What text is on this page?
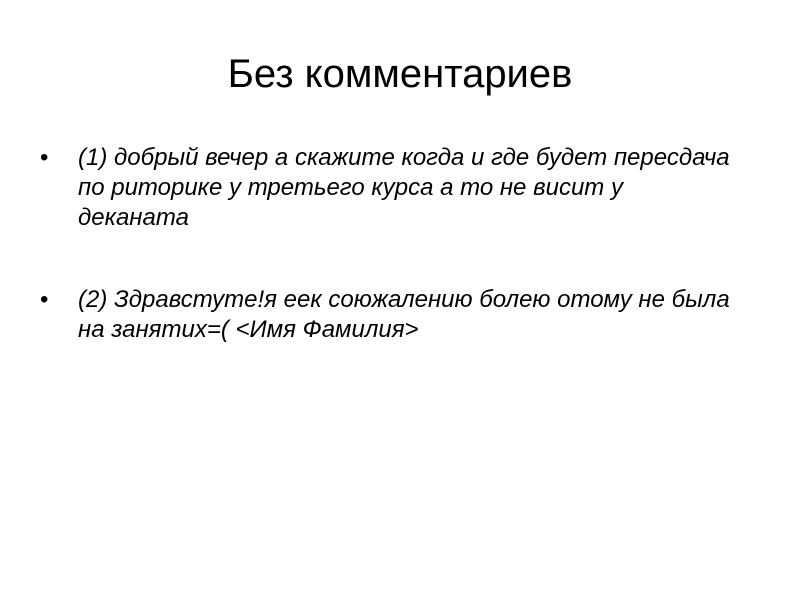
Без комментариев
• (1) добрый вечер а скажите когда и где будет пересдача по риторике у третьего курса а то не висит у деканата
• (2) Здравстуте!я еек союжалению болею отому не была на занятих=( <Имя Фамилия>
